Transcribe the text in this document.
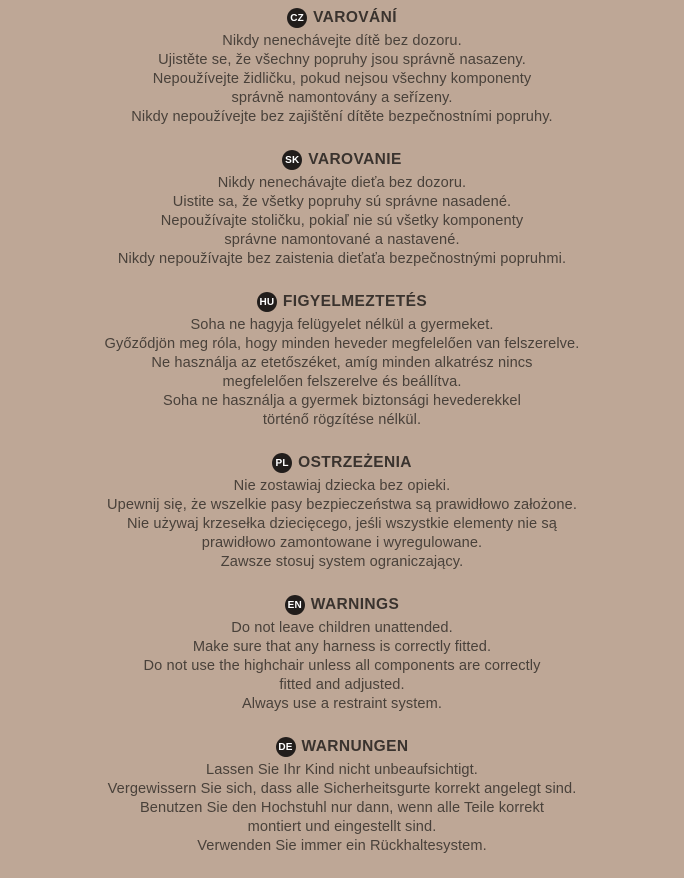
CZ VAROVÁNÍ
Nikdy nenechávejte dítě bez dozoru.
Ujistěte se, že všechny popruhy jsou správně nasazeny.
Nepoužívejte židličku, pokud nejsou všechny komponenty
správně namontovány a seřízeny.
Nikdy nepoužívejte bez zajištění dítěte bezpečnostními popruhy.
SK VAROVANIE
Nikdy nenechávajte dieťa bez dozoru.
Uistite sa, že všetky popruhy sú správne nasadené.
Nepoužívajte stoličku, pokiaľ nie sú všetky komponenty
správne namontované a nastavené.
Nikdy nepoužívajte bez zaistenia dieťaťa bezpečnostnými popruhmi.
HU FIGYELMEZTETÉS
Soha ne hagyja felügyelet nélkül a gyermeket.
Győződjön meg róla, hogy minden heveder megfelelően van felszerelve.
Ne használja az etetőszéket, amíg minden alkatrész nincs
megfelelően felszerelve és beállítva.
Soha ne használja a gyermek biztonsági hevederekkel
történő rögzítése nélkül.
PL OSTRZEŻENIA
Nie zostawiaj dziecka bez opieki.
Upewnij się, że wszelkie pasy bezpieczeństwa są prawidłowo założone.
Nie używaj krzesełka dziecięcego, jeśli wszystkie elementy nie są
prawidłowo zamontowane i wyregulowane.
Zawsze stosuj system ograniczający.
EN WARNINGS
Do not leave children unattended.
Make sure that any harness is correctly fitted.
Do not use the highchair unless all components are correctly
fitted and adjusted.
Always use a restraint system.
DE WARNUNGEN
Lassen Sie Ihr Kind nicht unbeaufsichtigt.
Vergewissern Sie sich, dass alle Sicherheitsgurte korrekt angelegt sind.
Benutzen Sie den Hochstuhl nur dann, wenn alle Teile korrekt
montiert und eingestellt sind.
Verwenden Sie immer ein Rückhaltesystem.
